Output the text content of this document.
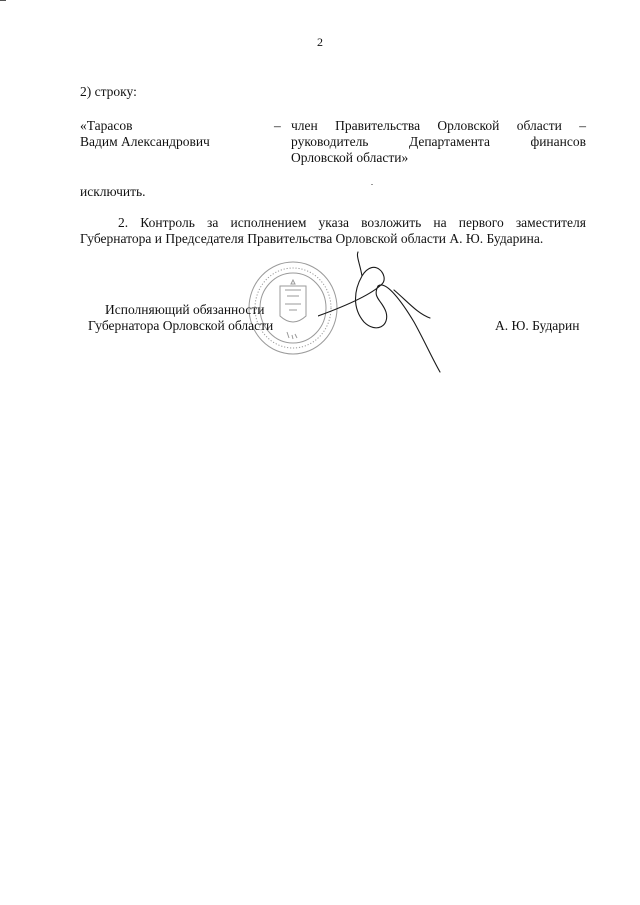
2
2) строку:
«Тарасов
Вадим Александрович
– член Правительства Орловской области –
руководитель Департамента финансов
Орловской области»
исключить.
2. Контроль за исполнением указа возложить на первого заместителя
Губернатора и Председателя Правительства Орловской области А. Ю. Бударина.
Исполняющий обязанности
Губернатора Орловской области	А. Ю. Бударин
